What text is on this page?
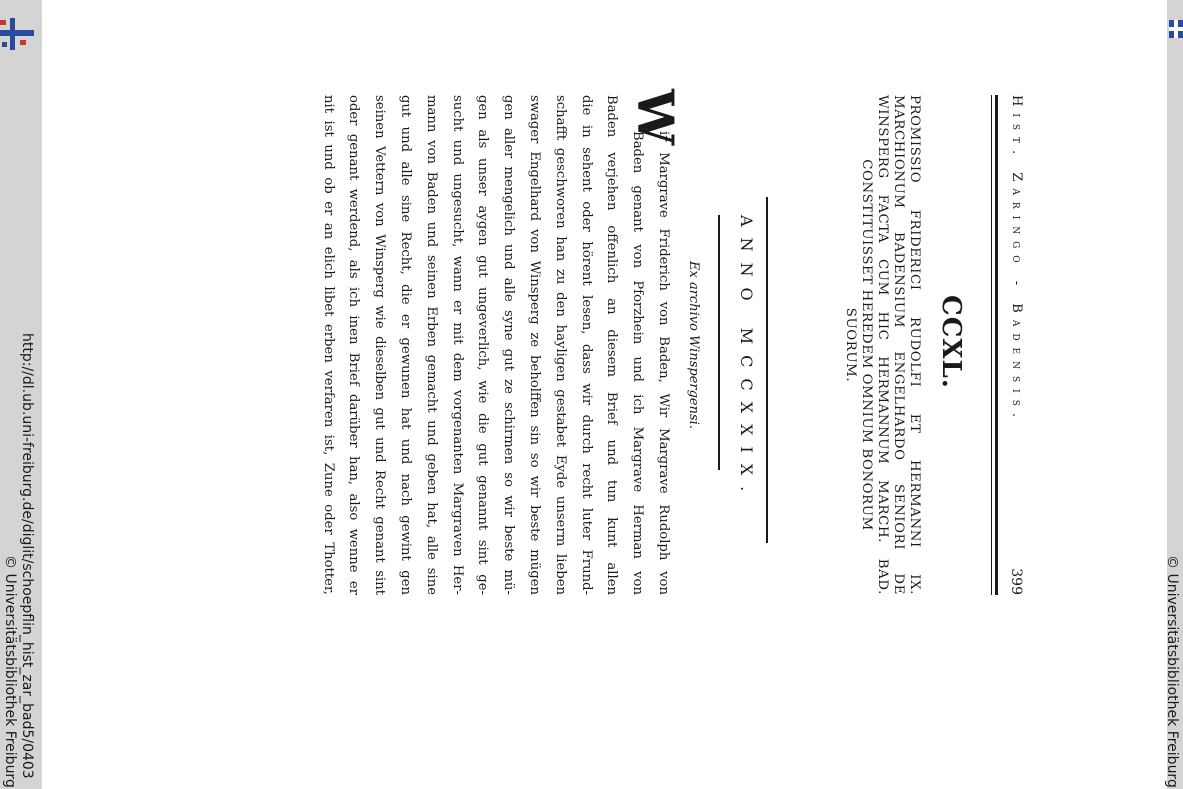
http://dl.ub.uni-freiburg.de/diglit/schoepflin_hist_zar_bad5/0403
© Universitätsbibliothek Freiburg	© Universitätsbibliothek Freiburg
Hist. Zaringo - Badensis.
399
CCXL.
PROMISSIO FRIDERICI RUDOLFI ET HERMANNI IX.
MARCHIONUM BADENSIUM ENGELHARDO SENIORI DE
WINSPERG FACTA CUM HIC HERMANNUM MARCH. BAD.
CONSTITUISSET HEREDEM OMNIUM BONORUM
SUORUM.
ANNO MCCXXIX.
Ex archivo Winspergensi.
W
ir Margrave Friderich von Baden, Wir Margrave Rudolph von
Baden genant von Pforzhein und ich Margrave Herman von
Baden verjehen offenlich an diesem Brief und tun kunt allen
die in sehent oder hörent lesen, dass wir durch recht luter Frund-
schafft geschworen han zu den hayligen gestabet Eyde unserm lieben
swager Engelhard von Winsperg ze beholffen sin so wir beste mügen
gen aller mengelich und alle syne gut ze schirmen so wir beste mü-
gen als unser aygen gut ungeverlich, wie die gut genannt sint ge-
sucht und ungesucht, wann er mit dem vorgenanten Margraven Her-
mann von Baden und seinen Erben gemacht und geben hat, alle sine
gut und alle sine Recht, die er gewunen hat und nach gewint gen
seinen Vettern von Winsperg wie dieselben gut und Recht genant sint
oder genant werdend, als ich inen Brief darüber han, also wenne er
nit ist und ob er an elich libet erben verfaren ist, Zune oder Thotter,
